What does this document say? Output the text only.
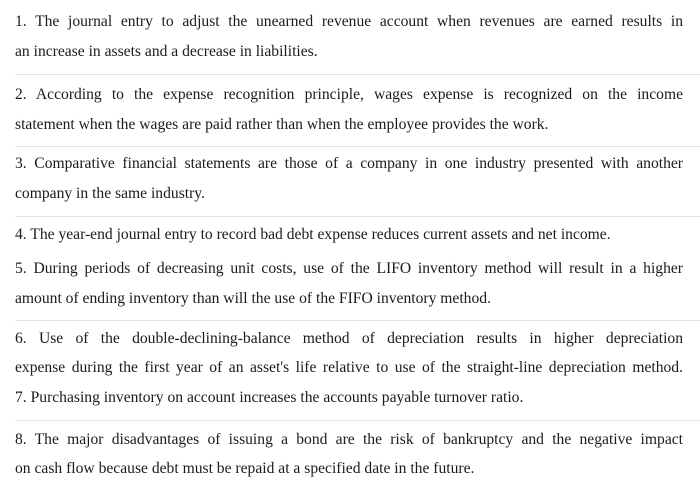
1. The journal entry to adjust the unearned revenue account when revenues are earned results in
an increase in assets and a decrease in liabilities.
2. According to the expense recognition principle, wages expense is recognized on the income
statement when the wages are paid rather than when the employee provides the work.
3. Comparative financial statements are those of a company in one industry presented with another
company in the same industry.
4. The year-end journal entry to record bad debt expense reduces current assets and net income.
5. During periods of decreasing unit costs, use of the LIFO inventory method will result in a higher
amount of ending inventory than will the use of the FIFO inventory method.
6. Use of the double-declining-balance method of depreciation results in higher depreciation
expense during the first year of an asset's life relative to use of the straight-line depreciation method.
7. Purchasing inventory on account increases the accounts payable turnover ratio.
8. The major disadvantages of issuing a bond are the risk of bankruptcy and the negative impact
on cash flow because debt must be repaid at a specified date in the future.
